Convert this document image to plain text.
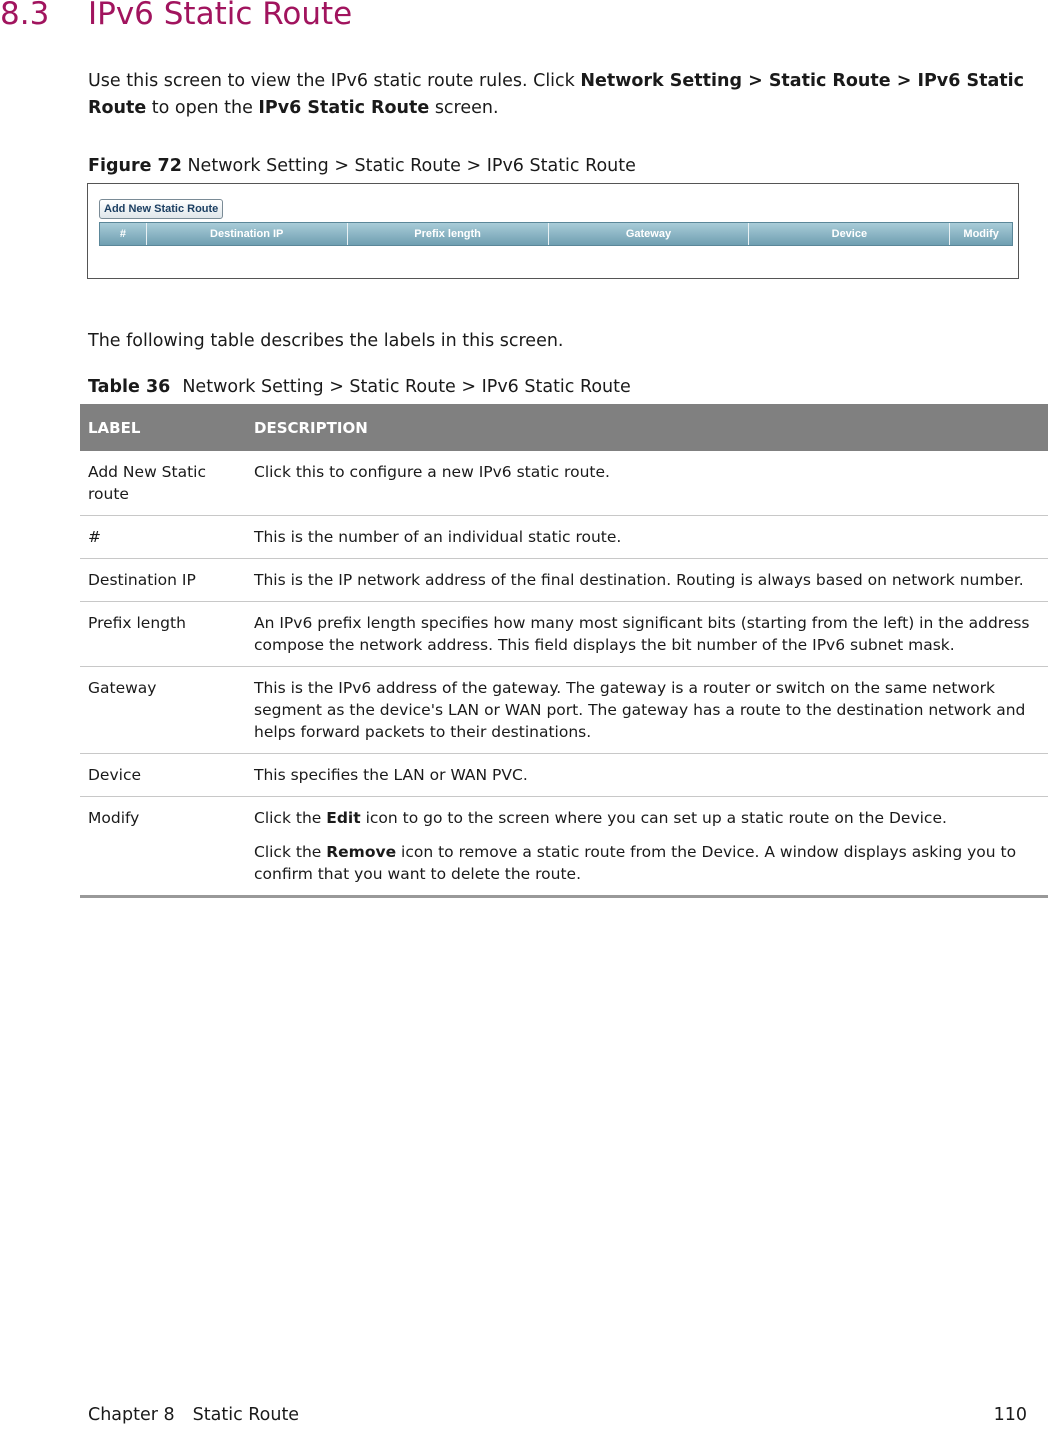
8.3 IPv6 Static Route

Use this screen to view the IPv6 static route rules. Click Network Setting > Static Route > IPv6 Static Route to open the IPv6 Static Route screen.

Figure 72 Network Setting > Static Route > IPv6 Static Route

Add New Static Route
#	Destination IP	Prefix length	Gateway	Device	Modify

The following table describes the labels in this screen.

Table 36 Network Setting > Static Route > IPv6 Static Route

LABEL	DESCRIPTION
Add New Static route	Click this to configure a new IPv6 static route.
#	This is the number of an individual static route.
Destination IP	This is the IP network address of the final destination. Routing is always based on network number.
Prefix length	An IPv6 prefix length specifies how many most significant bits (starting from the left) in the address compose the network address. This field displays the bit number of the IPv6 subnet mask.
Gateway	This is the IPv6 address of the gateway. The gateway is a router or switch on the same network segment as the device's LAN or WAN port. The gateway has a route to the destination network and helps forward packets to their destinations.
Device	This specifies the LAN or WAN PVC.
Modify	Click the Edit icon to go to the screen where you can set up a static route on the Device.

Click the Remove icon to remove a static route from the Device. A window displays asking you to confirm that you want to delete the route.

Chapter 8 Static Route	110
